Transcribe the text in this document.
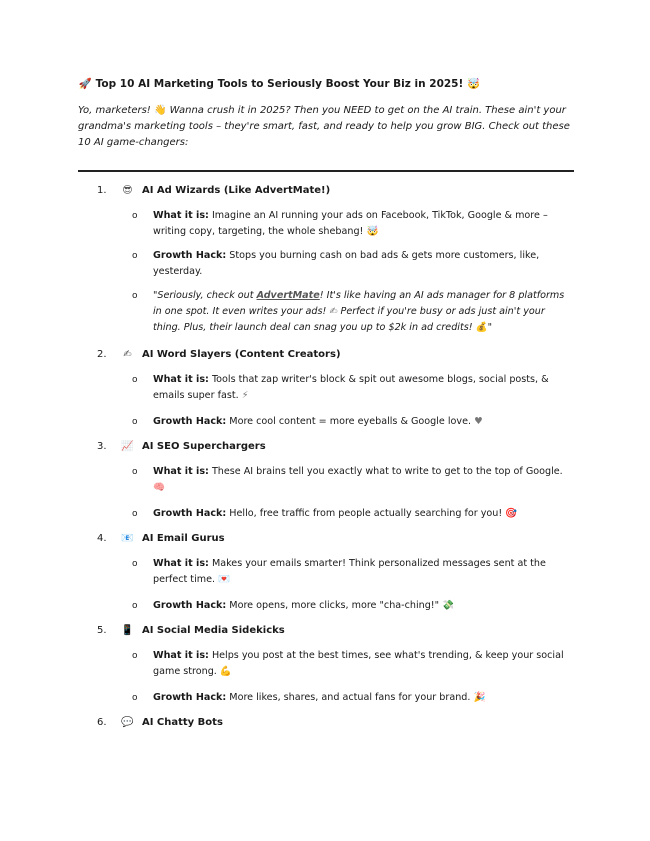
🚀 Top 10 AI Marketing Tools to Seriously Boost Your Biz in 2025! 🤯
Yo, marketers! 👋 Wanna crush it in 2025? Then you NEED to get on the AI train. These ain't your grandma's marketing tools – they're smart, fast, and ready to help you grow BIG. Check out these 10 AI game-changers:
1. 😎 AI Ad Wizards (Like AdvertMate!)
o What it is: Imagine an AI running your ads on Facebook, TikTok, Google & more – writing copy, targeting, the whole shebang! 🤯
o Growth Hack: Stops you burning cash on bad ads & gets more customers, like, yesterday.
o "Seriously, check out AdvertMate! It's like having an AI ads manager for 8 platforms in one spot. It even writes your ads! ✍ Perfect if you're busy or ads just ain't your thing. Plus, their launch deal can snag you up to $2k in ad credits! 💰"
2. ✍ AI Word Slayers (Content Creators)
o What it is: Tools that zap writer's block & spit out awesome blogs, social posts, & emails super fast. ⚡
o Growth Hack: More cool content = more eyeballs & Google love. ♥
3. 📈 AI SEO Superchargers
o What it is: These AI brains tell you exactly what to write to get to the top of Google. 🧠
o Growth Hack: Hello, free traffic from people actually searching for you! 🎯
4. 📧 AI Email Gurus
o What it is: Makes your emails smarter! Think personalized messages sent at the perfect time. 💌
o Growth Hack: More opens, more clicks, more "cha-ching!" 💸
5. 📱 AI Social Media Sidekicks
o What it is: Helps you post at the best times, see what's trending, & keep your social game strong. 💪
o Growth Hack: More likes, shares, and actual fans for your brand. 🎉
6. 💬 AI Chatty Bots
